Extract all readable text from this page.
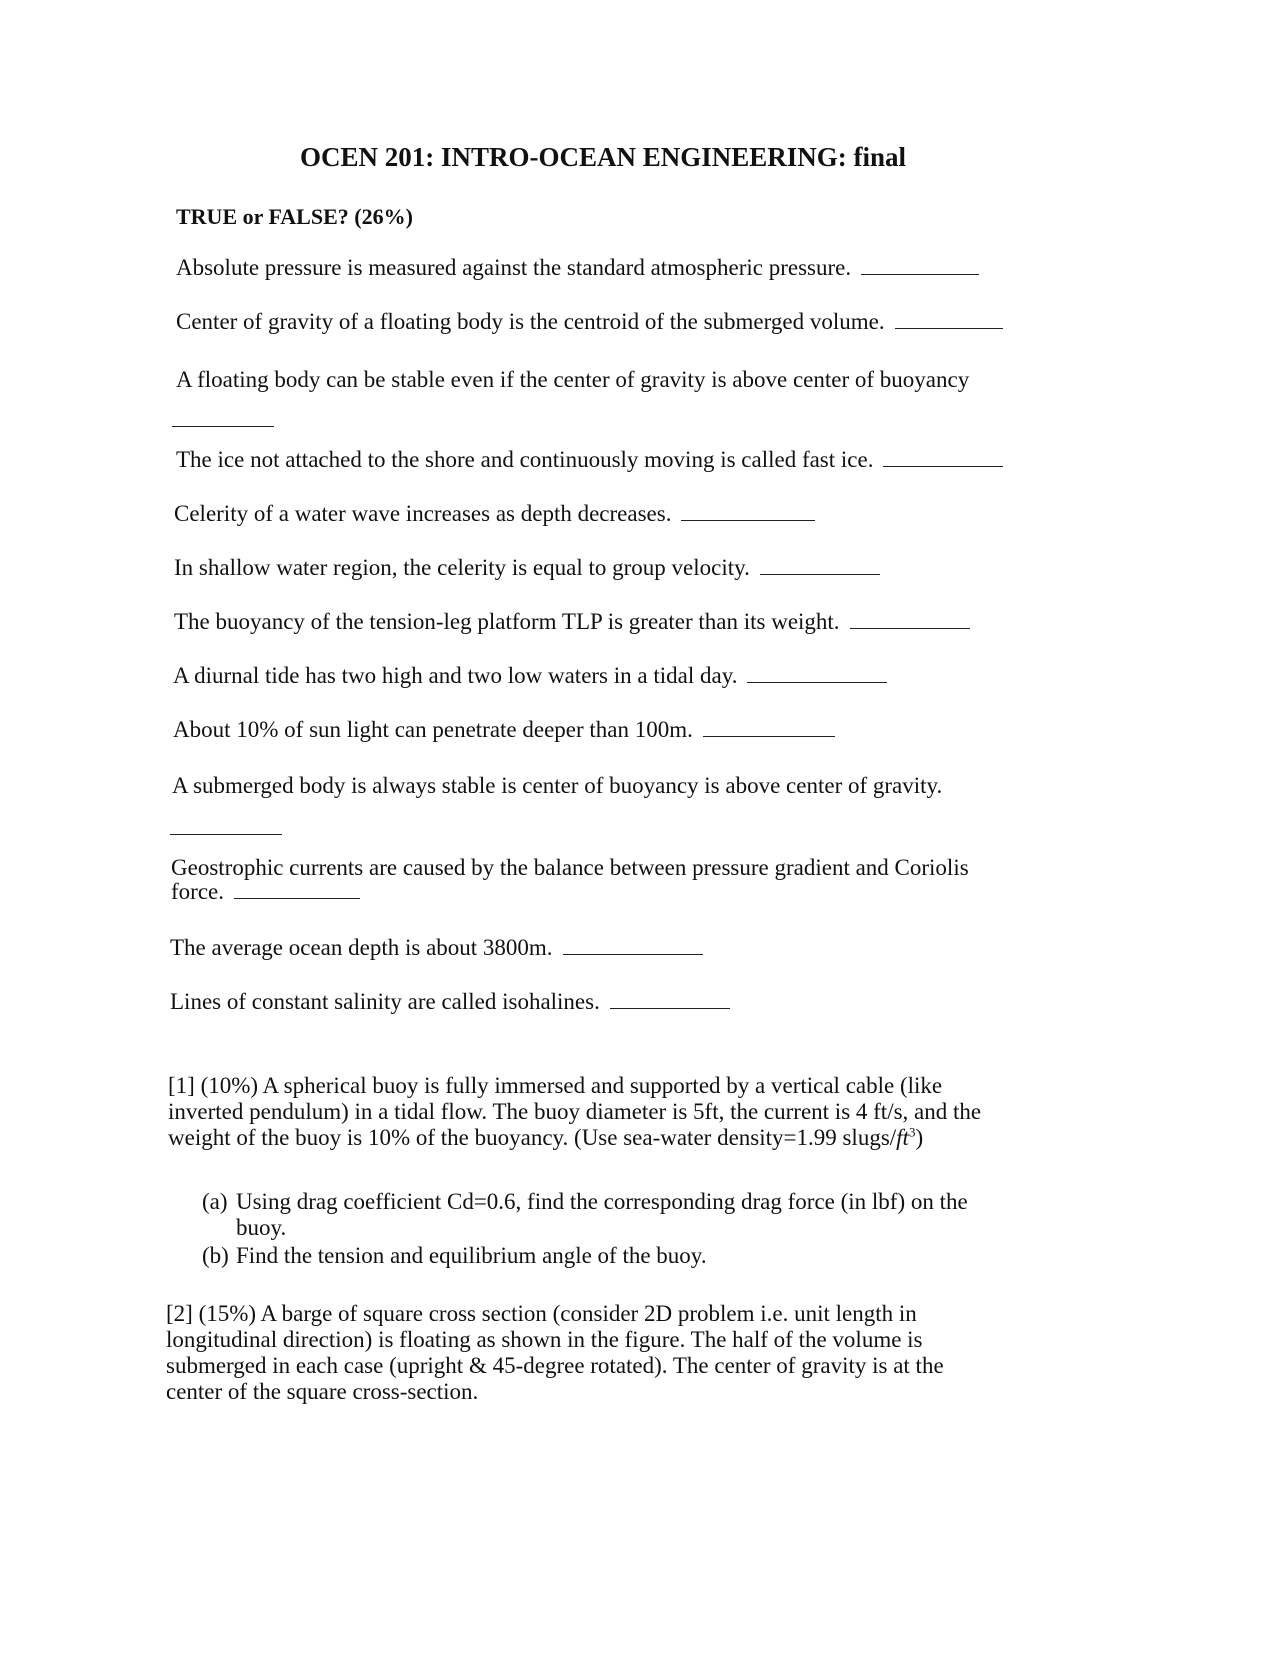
OCEN 201: INTRO-OCEAN ENGINEERING: final
TRUE or FALSE? (26%)
Absolute pressure is measured against the standard atmospheric pressure.
Center of gravity of a floating body is the centroid of the submerged volume.
A floating body can be stable even if the center of gravity is above center of buoyancy
The ice not attached to the shore and continuously moving is called fast ice.
Celerity of a water wave increases as depth decreases.
In shallow water region, the celerity is equal to group velocity.
The buoyancy of the tension-leg platform TLP is greater than its weight.
A diurnal tide has two high and two low waters in a tidal day.
About 10% of sun light can penetrate deeper than 100m.
A submerged body is always stable is center of buoyancy is above center of gravity.
Geostrophic currents are caused by the balance between pressure gradient and Coriolis
force.
The average ocean depth is about 3800m.
Lines of constant salinity are called isohalines.
[1] (10%) A spherical buoy is fully immersed and supported by a vertical cable (like
inverted pendulum) in a tidal flow. The buoy diameter is 5ft, the current is 4 ft/s, and the
weight of the buoy is 10% of the buoyancy. (Use sea-water density=1.99 slugs/$ft^3$)
(a) Using drag coefficient Cd=0.6, find the corresponding drag force (in lbf) on the
buoy.
(b) Find the tension and equilibrium angle of the buoy.
[2] (15%) A barge of square cross section (consider 2D problem i.e. unit length in
longitudinal direction) is floating as shown in the figure. The half of the volume is
submerged in each case (upright & 45-degree rotated). The center of gravity is at the
center of the square cross-section.
